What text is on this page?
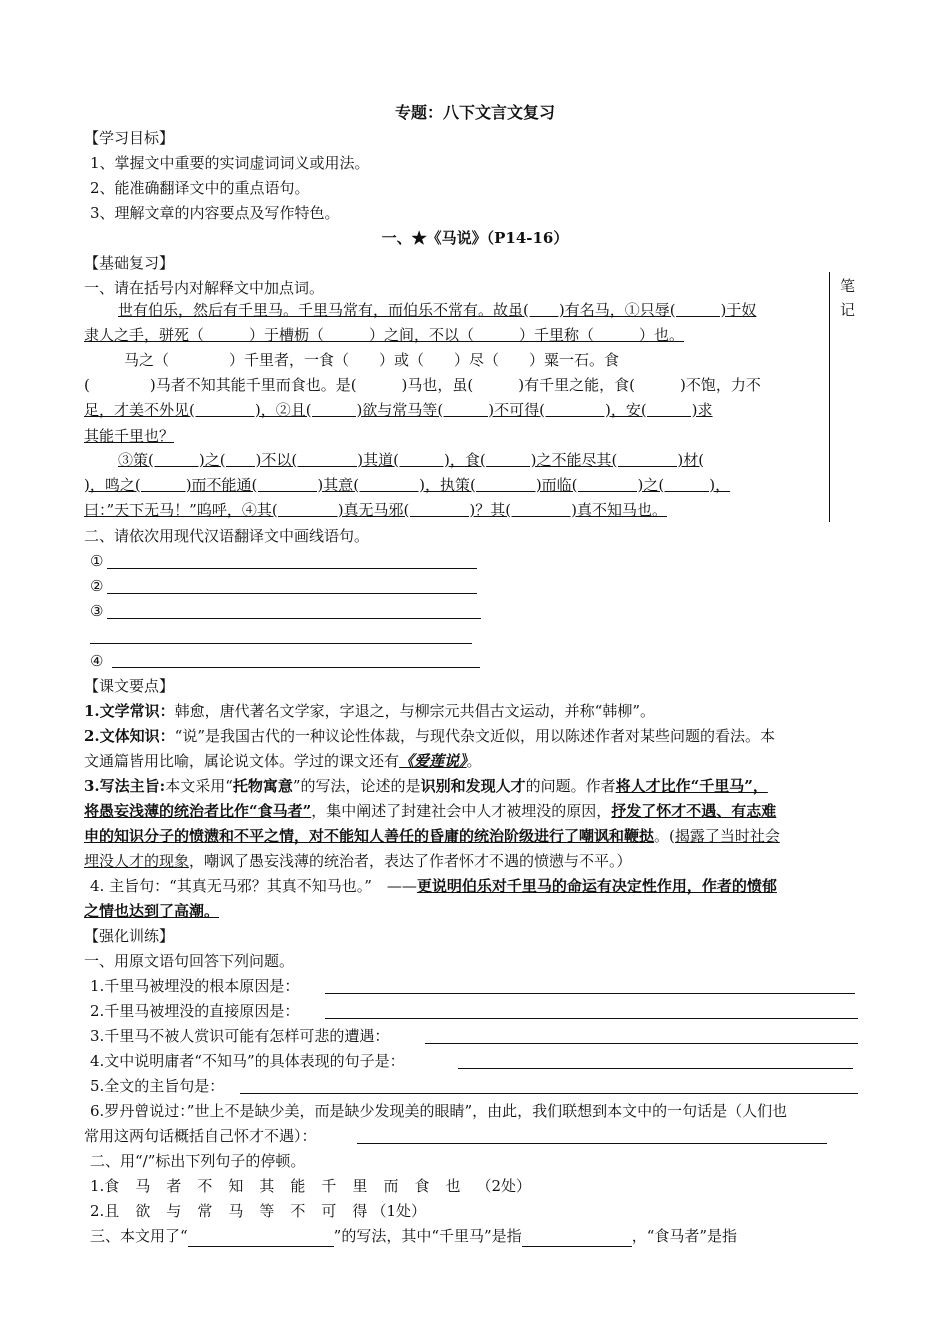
专题：八下文言文复习
【学习目标】
1、掌握文中重要的实词虚词词义或用法。
2、能准确翻译文中的重点语句。
3、理解文章的内容要点及写作特色。
一、★《马说》（P14-16）
【基础复习】
一、请在括号内对解释文中加点词。	笔
记
世有伯乐，然后有千里马。千里马常有，而伯乐不常有。故虽(　　)有名马，①只辱(　　　)于奴
隶人之手，骈死（　　　）于槽枥（　　　）之间，不以（　　　）千里称（　　　）也。
马之（　　　　）千里者，一食（　　）或（　　）尽（　　）粟一石。食
(　　　　)马者不知其能千里而食也。是(　　　)马也，虽(　　　)有千里之能，食(　　　)不饱，力不
足，才美不外见(　　　　)，②且(　　　)欲与常马等(　　　)不可得(　　　　)，安(　　　)求
其能千里也？
③策(　　　)之(　　)不以(　　　　)其道(　　　)，食(　　　)之不能尽其(　　　　)材(
)，鸣之(　　　)而不能通(　　　　)其意(　　　　)，执策(　　　　)而临(　　　　)之(　　　)，
曰：”天下无马！”呜呼，④其(　　　　)真无马邪(　　　　)？其(　　　　)真不知马也。
二、请依次用现代汉语翻译文中画线语句。
①
②
③
④
【课文要点】
1.文学常识：韩愈，唐代著名文学家，字退之，与柳宗元共倡古文运动，并称“韩柳”。
2.文体知识：“说”是我国古代的一种议论性体裁，与现代杂文近似，用以陈述作者对某些问题的看法。本
文通篇皆用比喻，属论说文体。学过的课文还有《爱莲说》。
3.写法主旨:本文采用“托物寓意”的写法，论述的是识别和发现人才的问题。作者将人才比作“千里马”，
将愚妄浅薄的统治者比作“食马者”，集中阐述了封建社会中人才被埋没的原因，抒发了怀才不遇、有志难
申的知识分子的愤懑和不平之情，对不能知人善任的昏庸的统治阶级进行了嘲讽和鞭挞。(揭露了当时社会
埋没人才的现象，嘲讽了愚妄浅薄的统治者，表达了作者怀才不遇的愤懑与不平。）
4. 主旨句：“其真无马邪？其真不知马也。”　——更说明伯乐对千里马的命运有决定性作用，作者的愤郁
之情也达到了高潮。
【强化训练】
一、用原文语句回答下列问题。
1.千里马被埋没的根本原因是：
2.千里马被埋没的直接原因是：
3.千里马不被人赏识可能有怎样可悲的遭遇：
4.文中说明庸者“不知马”的具体表现的句子是：
5.全文的主旨句是：
6.罗丹曾说过：”世上不是缺少美，而是缺少发现美的眼睛”，由此，我们联想到本文中的一句话是（人们也
常用这两句话概括自己怀才不遇）：
二、用“/”标出下列句子的停顿。
1.食 马 者 不 知 其 能 千 里 而 食 也 （2处）
2.且 欲 与 常 马 等 不 可 得 （1处）
三、本文用了“	”的写法，其中“千里马”是指	，“食马者”是指
